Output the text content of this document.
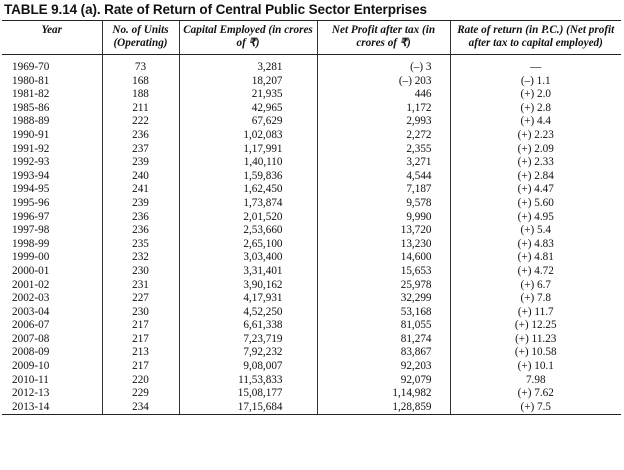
TABLE 9.14 (a). Rate of Return of Central Public Sector Enterprises
Year	No. of Units (Operating)	Capital Employed (in crores of ₹)	Net Profit after tax (in crores of ₹)	Rate of return (in P.C.) (Net profit after tax to capital employed)
1969-70	73	3,281	(–) 3	—
1980-81	168	18,207	(–) 203	(–) 1.1
1981-82	188	21,935	446	(+) 2.0
1985-86	211	42,965	1,172	(+) 2.8
1988-89	222	67,629	2,993	(+) 4.4
1990-91	236	1,02,083	2,272	(+) 2.23
1991-92	237	1,17,991	2,355	(+) 2.09
1992-93	239	1,40,110	3,271	(+) 2.33
1993-94	240	1,59,836	4,544	(+) 2.84
1994-95	241	1,62,450	7,187	(+) 4.47
1995-96	239	1,73,874	9,578	(+) 5.60
1996-97	236	2,01,520	9,990	(+) 4.95
1997-98	236	2,53,660	13,720	(+) 5.4
1998-99	235	2,65,100	13,230	(+) 4.83
1999-00	232	3,03,400	14,600	(+) 4.81
2000-01	230	3,31,401	15,653	(+) 4.72
2001-02	231	3,90,162	25,978	(+) 6.7
2002-03	227	4,17,931	32,299	(+) 7.8
2003-04	230	4,52,250	53,168	(+) 11.7
2006-07	217	6,61,338	81,055	(+) 12.25
2007-08	217	7,23,719	81,274	(+) 11.23
2008-09	213	7,92,232	83,867	(+) 10.58
2009-10	217	9,08,007	92,203	(+) 10.1
2010-11	220	11,53,833	92,079	7.98
2012-13	229	15,08,177	1,14,982	(+) 7.62
2013-14	234	17,15,684	1,28,859	(+) 7.5
